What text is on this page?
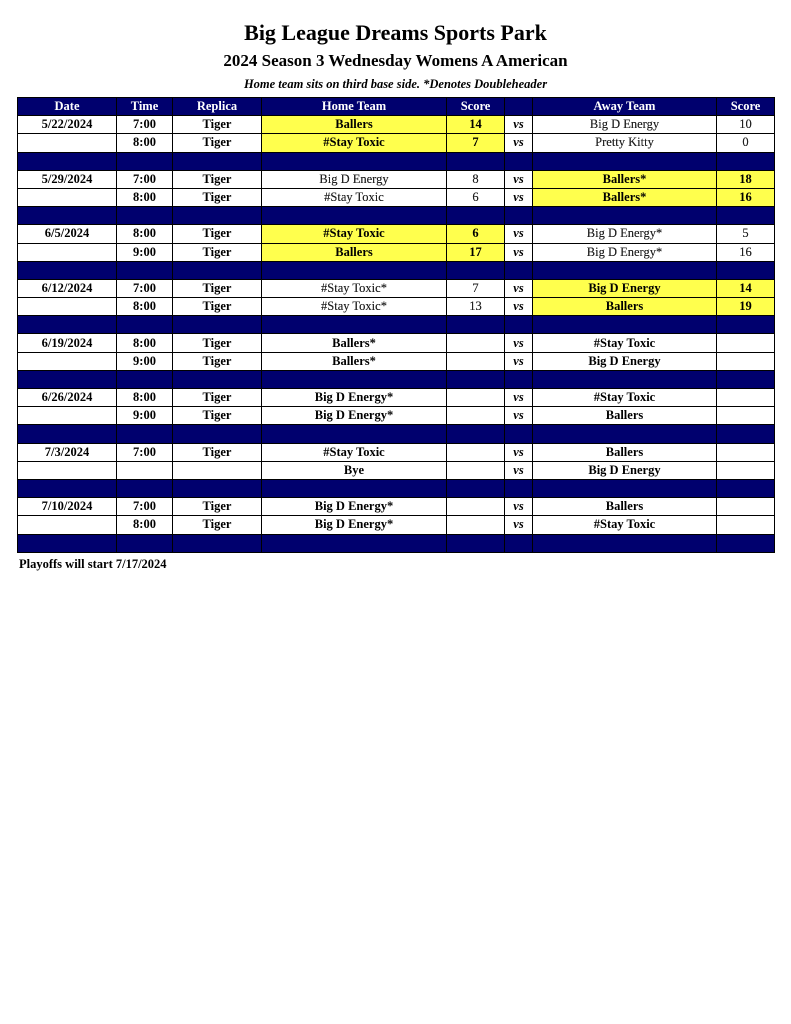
Big League Dreams Sports Park
2024 Season 3 Wednesday Womens A American
Home team sits on third base side. *Denotes Doubleheader
Date	Time	Replica	Home Team	Score		Away Team	Score
5/22/2024	7:00	Tiger	Ballers	14	vs	Big D Energy	10
	8:00	Tiger	#Stay Toxic	7	vs	Pretty Kitty	0

5/29/2024	7:00	Tiger	Big D Energy	8	vs	Ballers*	18
	8:00	Tiger	#Stay Toxic	6	vs	Ballers*	16

6/5/2024	8:00	Tiger	#Stay Toxic	6	vs	Big D Energy*	5
	9:00	Tiger	Ballers	17	vs	Big D Energy*	16

6/12/2024	7:00	Tiger	#Stay Toxic*	7	vs	Big D Energy	14
	8:00	Tiger	#Stay Toxic*	13	vs	Ballers	19

6/19/2024	8:00	Tiger	Ballers*		vs	#Stay Toxic	
	9:00	Tiger	Ballers*		vs	Big D Energy	

6/26/2024	8:00	Tiger	Big D Energy*		vs	#Stay Toxic	
	9:00	Tiger	Big D Energy*		vs	Ballers	

7/3/2024	7:00	Tiger	#Stay Toxic		vs	Ballers	
			Bye		vs	Big D Energy	

7/10/2024	7:00	Tiger	Big D Energy*		vs	Ballers	
	8:00	Tiger	Big D Energy*		vs	#Stay Toxic	

Playoffs will start 7/17/2024
